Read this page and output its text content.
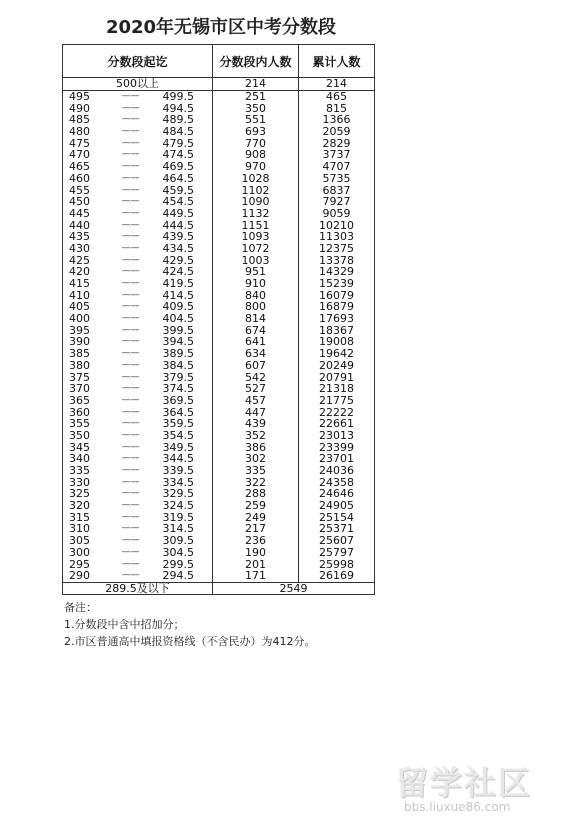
2020年无锡市区中考分数段
分数段起讫			分数段内人数	累计人数
500以上			214	214
495	——	499.5	251	465
490	——	494.5	350	815
485	——	489.5	551	1366
480	——	484.5	693	2059
475	——	479.5	770	2829
470	——	474.5	908	3737
465	——	469.5	970	4707
460	——	464.5	1028	5735
455	——	459.5	1102	6837
450	——	454.5	1090	7927
445	——	449.5	1132	9059
440	——	444.5	1151	10210
435	——	439.5	1093	11303
430	——	434.5	1072	12375
425	——	429.5	1003	13378
420	——	424.5	951	14329
415	——	419.5	910	15239
410	——	414.5	840	16079
405	——	409.5	800	16879
400	——	404.5	814	17693
395	——	399.5	674	18367
390	——	394.5	641	19008
385	——	389.5	634	19642
380	——	384.5	607	20249
375	——	379.5	542	20791
370	——	374.5	527	21318
365	——	369.5	457	21775
360	——	364.5	447	22222
355	——	359.5	439	22661
350	——	354.5	352	23013
345	——	349.5	386	23399
340	——	344.5	302	23701
335	——	339.5	335	24036
330	——	334.5	322	24358
325	——	329.5	288	24646
320	——	324.5	259	24905
315	——	319.5	249	25154
310	——	314.5	217	25371
305	——	309.5	236	25607
300	——	304.5	190	25797
295	——	299.5	201	25998
290	——	294.5	171	26169
289.5及以下			2549	
备注：
1.分数段中含中招加分；
2.市区普通高中填报资格线（不含民办）为412分。
留学社区
bbs.liuxue86.com
